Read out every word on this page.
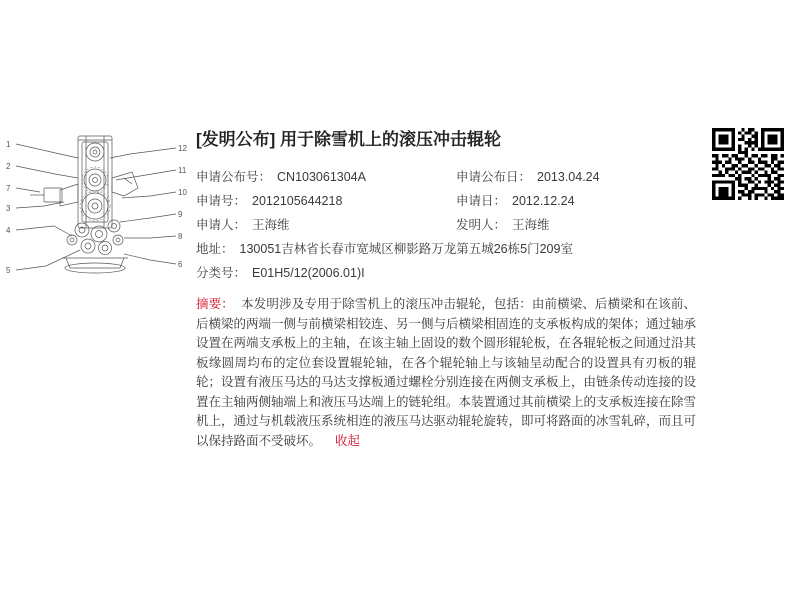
1
2
7
3
4
5
12
11
10
9
8
6
[发明公布] 用于除雪机上的滚压冲击辊轮
申请公布号： CN103061304A	申请公布日： 2013.04.24
申请号： 2012105644218	申请日： 2012.12.24
申请人： 王海维	发明人： 王海维
地址： 130051吉林省长春市宽城区柳影路万龙第五城26栋5门209室	
分类号： E01H5/12(2006.01)I	
摘要： 本发明涉及专用于除雪机上的滚压冲击辊轮，包括：由前横梁、后横梁和在该前、后横梁的两端一侧与前横梁相铰连、另一侧与后横梁相固连的支承板构成的架体；通过轴承设置在两端支承板上的主轴，在该主轴上固设的数个圆形辊轮板，在各辊轮板之间通过沿其板缘圆周均布的定位套设置辊轮轴，在各个辊轮轴上与该轴呈动配合的设置具有刃板的辊轮；设置有液压马达的马达支撑板通过螺栓分别连接在两侧支承板上，由链条传动连接的设置在主轴两侧轴端上和液压马达端上的链轮组。本装置通过其前横梁上的支承板连接在除雪机上，通过与机载液压系统相连的液压马达驱动辊轮旋转，即可将路面的冰雪轧碎，而且可以保持路面不受破坏。 收起
